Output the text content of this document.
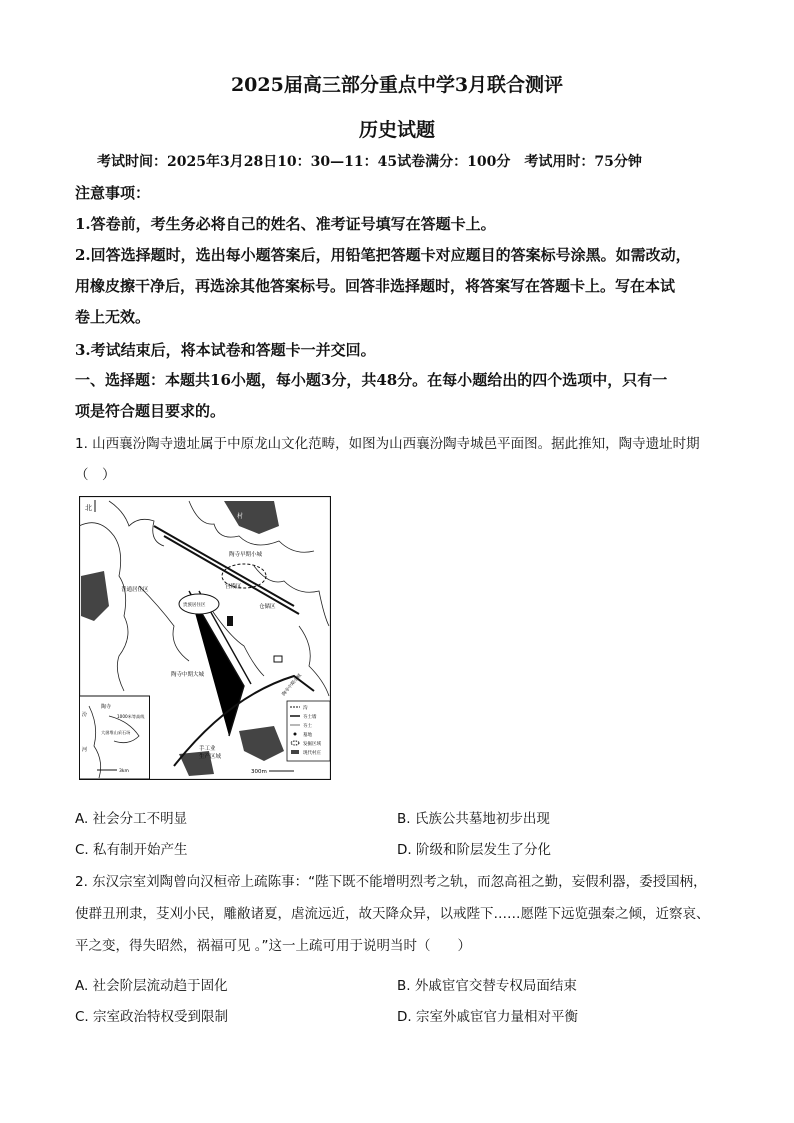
2025届高三部分重点中学3月联合测评
历史试题
考试时间：2025年3月28日10：30—11：45试卷满分：100分　考试用时：75分钟
注意事项：
1.答卷前，考生务必将自己的姓名、准考证号填写在答题卡上。
2.回答选择题时，选出每小题答案后，用铅笔把答题卡对应题目的答案标号涂黑。如需改动，
用橡皮擦干净后，再选涂其他答案标号。回答非选择题时，将答案写在答题卡上。写在本试
卷上无效。
3.考试结束后，将本试卷和答题卡一并交回。
一、选择题：本题共16小题，每小题3分，共48分。在每小题给出的四个选项中，只有一
项是符合题目要求的。
1. 山西襄汾陶寺遗址属于中原龙山文化范畴，如图为山西襄汾陶寺城邑平面图。据此推知，陶寺遗址时期
（　）
北
村
陶寺早期小城
普通居住区	宫殿区
贵族居住区	仓储区
陶寺中期大城	陶寺中期小城
手工业
生产区域
300m
汾
陶寺
1000米等高线
大崮堆山采石场
河
3km
沟
夯土墙
夯土
墓地
发掘区域
现代村庄
A. 社会分工不明显	B. 氏族公共墓地初步出现
C. 私有制开始产生	D. 阶级和阶层发生了分化
2. 东汉宗室刘陶曾向汉桓帝上疏陈事：“陛下既不能增明烈考之轨，而忽高祖之勤，妄假利器，委授国柄，
使群丑刑隶，芟刈小民，雕敝诸夏，虐流远近，故天降众异，以戒陛下……愿陛下远览强秦之倾，近察哀、
平之变，得失昭然，祸福可见 。”这一上疏可用于说明当时（　　）
A. 社会阶层流动趋于固化	B. 外戚宦官交替专权局面结束
C. 宗室政治特权受到限制	D. 宗室外戚宦官力量相对平衡
